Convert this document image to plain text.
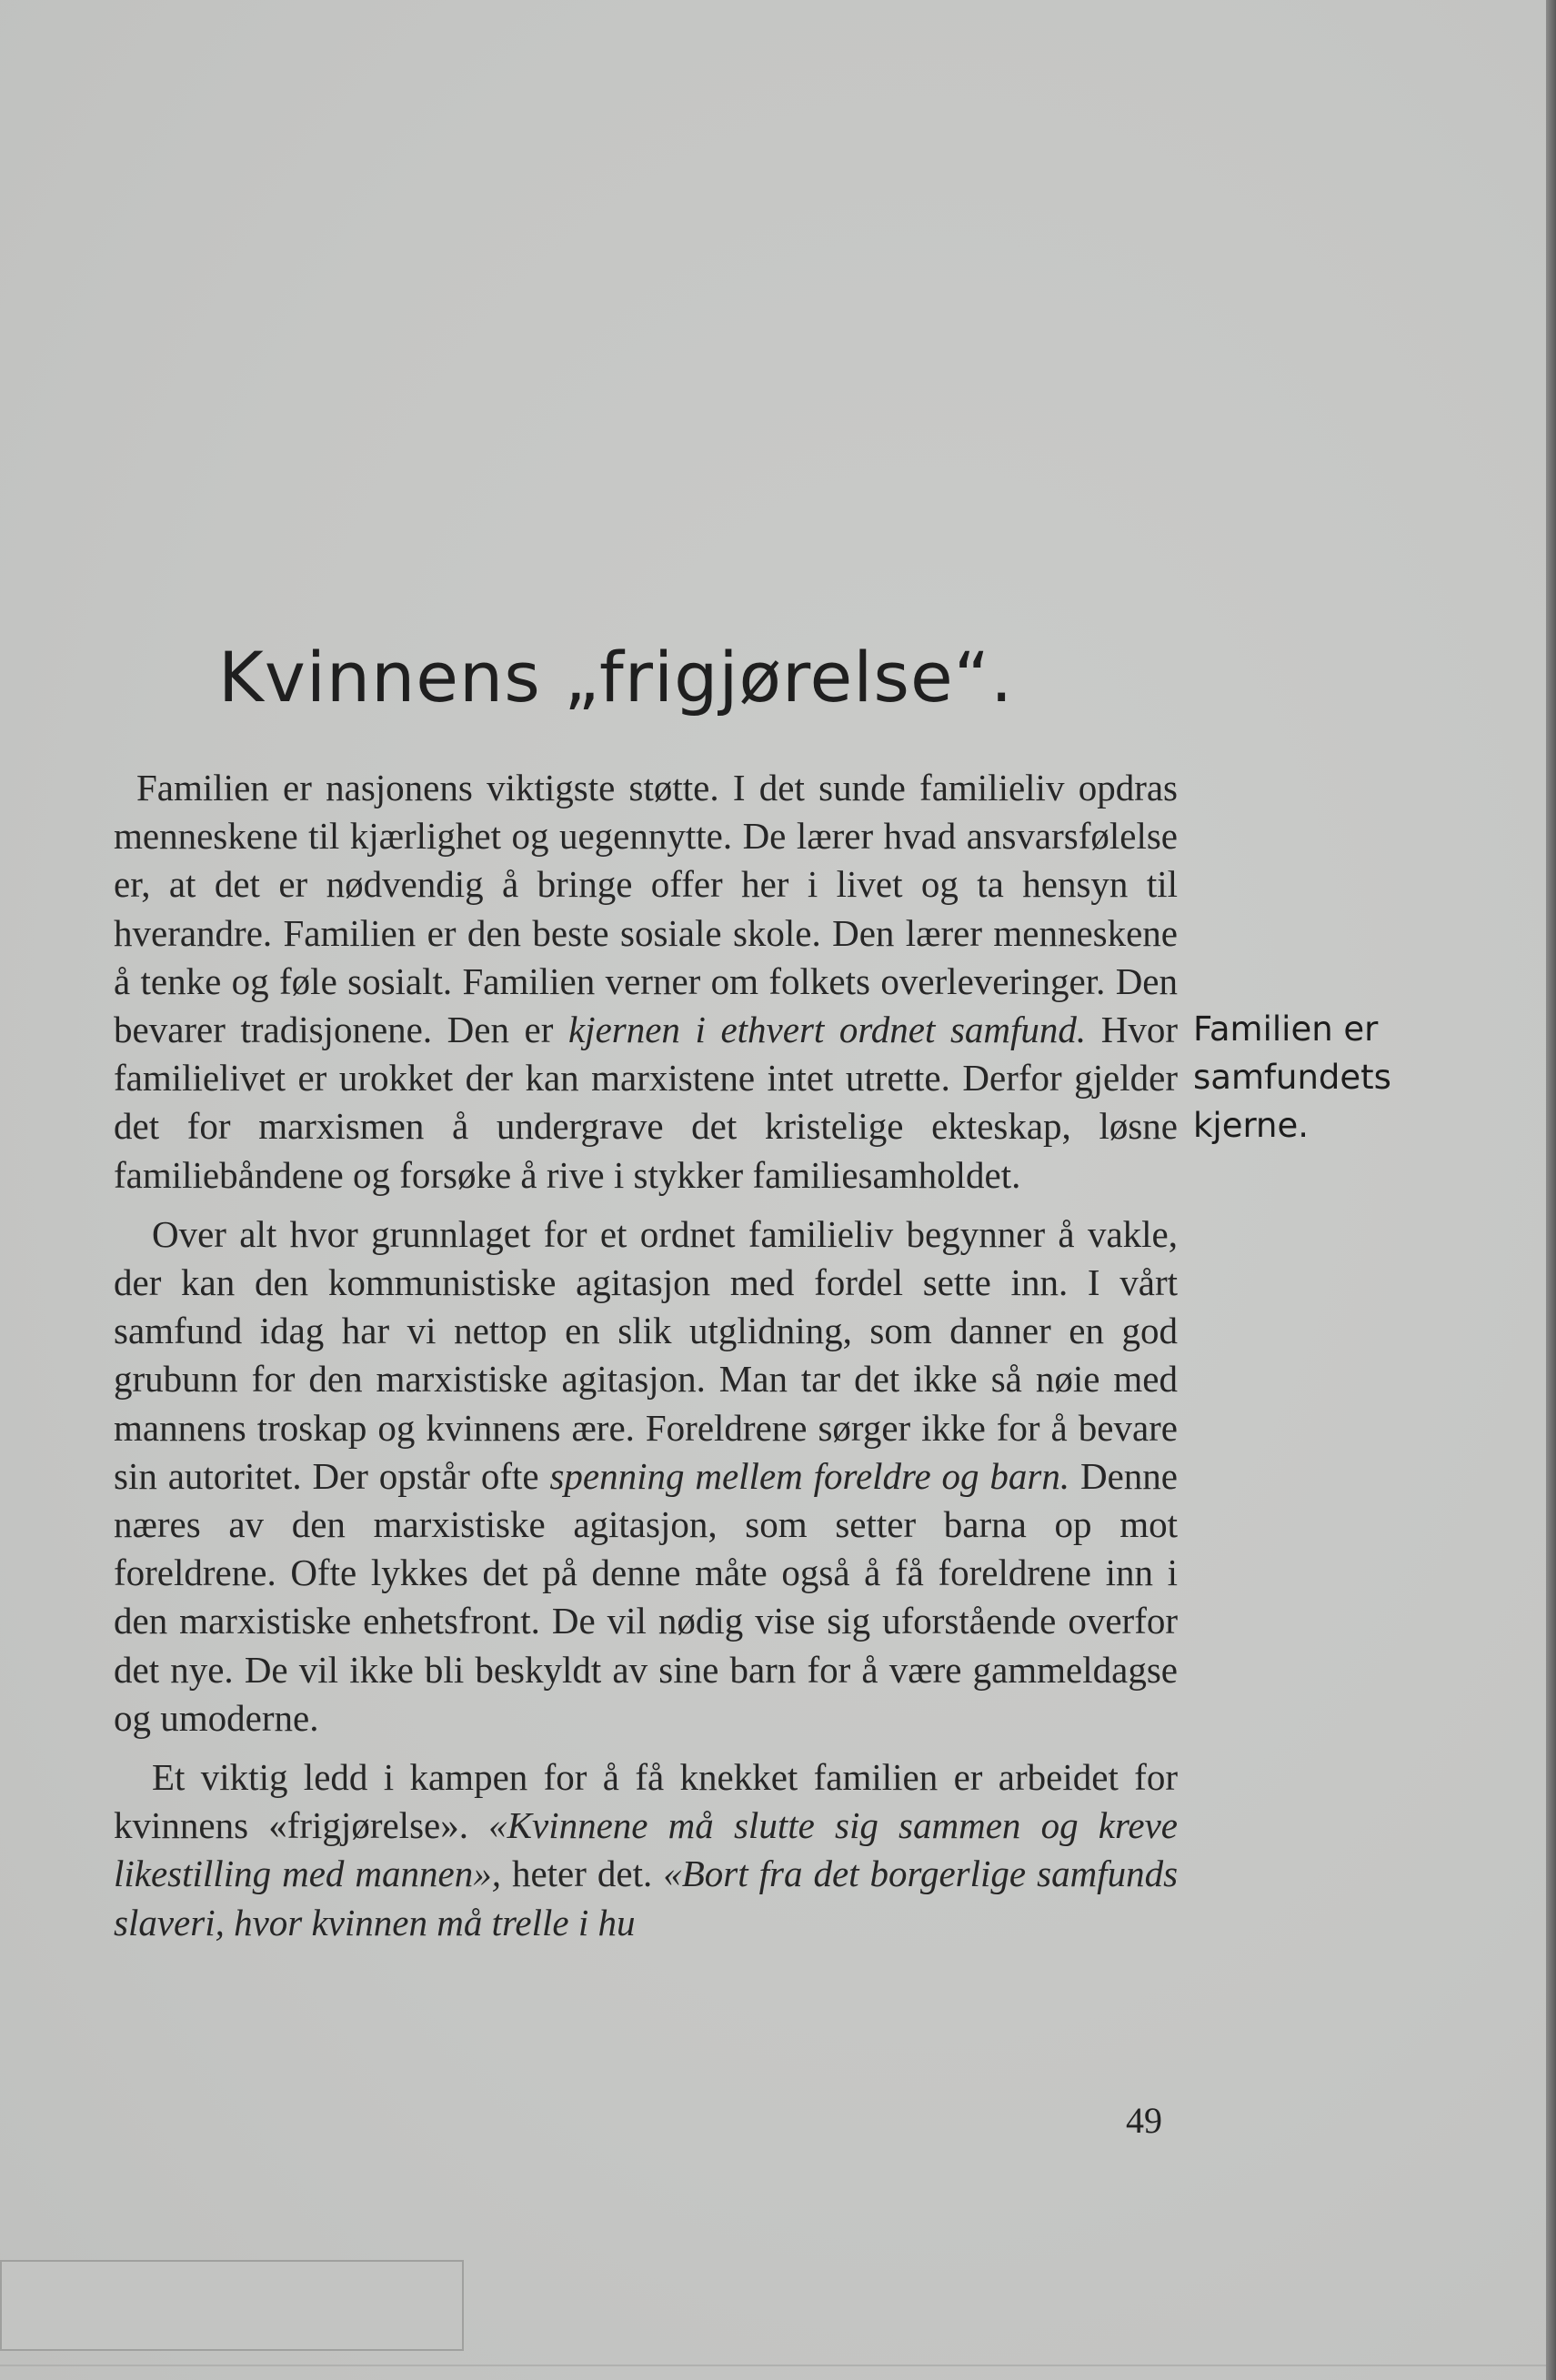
Kvinnens „frigjørelse“.

Familien er nasjonens viktigste støtte. I det sunde familieliv opdras menneskene til kjærlighet og uegennytte. De lærer hvad ansvarsfølelse er, at det er nødvendig å bringe offer her i livet og ta hensyn til hverandre. Familien er den beste sosiale skole. Den lærer menneskene å tenke og føle sosialt. Familien verner om folkets overleveringer. Den bevarer tradisjonene. Den er kjernen i ethvert ordnet samfund. Hvor familielivet er urokket der kan marxistene intet utrette. Derfor gjelder det for marxismen å undergrave det kristelige ekteskap, løsne familiebåndene og forsøke å rive i stykker familiesamholdet.

Over alt hvor grunnlaget for et ordnet familieliv begynner å vakle, der kan den kommunistiske agitasjon med fordel sette inn. I vårt samfund idag har vi nettop en slik utglidning, som danner en god grubunn for den marxistiske agitasjon. Man tar det ikke så nøie med mannens troskap og kvinnens ære. Foreldrene sørger ikke for å bevare sin autoritet. Der opstår ofte spenning mellem foreldre og barn. Denne næres av den marxistiske agitasjon, som setter barna op mot foreldrene. Ofte lykkes det på denne måte også å få foreldrene inn i den marxistiske enhetsfront. De vil nødig vise sig uforstående overfor det nye. De vil ikke bli beskyldt av sine barn for å være gammeldagse og umoderne.

Et viktig ledd i kampen for å få knekket familien er arbeidet for kvinnens «frigjørelse». «Kvinnene må slutte sig sammen og kreve likestilling med mannen», heter det. «Bort fra det borgerlige samfunds slaveri, hvor kvinnen må trelle i hu

Familien er
samfundets
kjerne.
49
